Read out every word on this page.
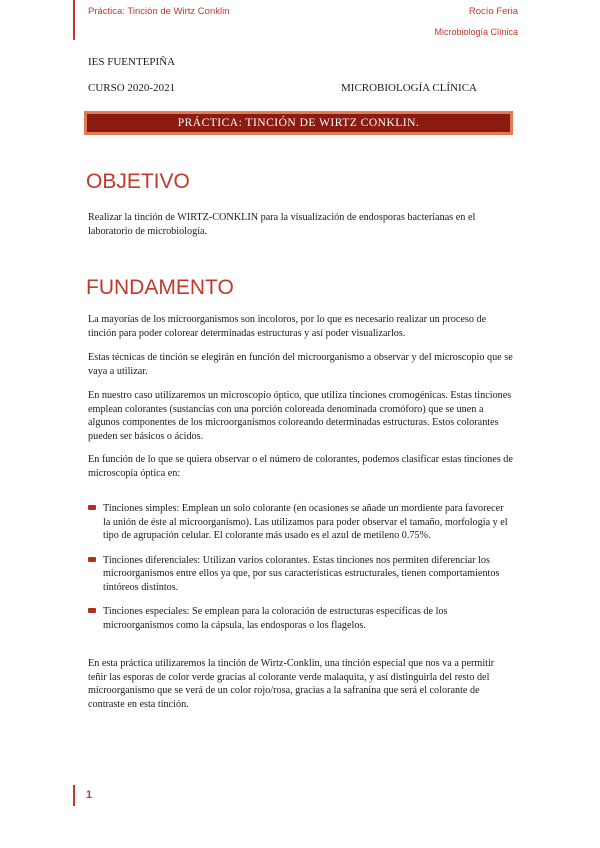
Práctica: Tinción de Wirtz Conklin	Rocío Feria
Microbiología Clínica
IES FUENTEPIÑA
CURSO 2020-2021	MICROBIOLOGÍA CLÍNICA
PRÁCTICA: TINCIÓN DE WIRTZ CONKLIN.
OBJETIVO

Realizar la tinción de WIRTZ-CONKLIN para la visualización de endosporas bacterianas en el laboratorio de microbiología.

FUNDAMENTO

La mayorías de los microorganismos son incoloros, por lo que es necesario realizar un proceso de tinción para poder colorear determinadas estructuras y así poder visualizarlos.

Estas técnicas de tinción se elegirán en función del microorganismo a observar y del microscopio que se vaya a utilizar.

En nuestro caso utilizaremos un microscopio óptico, que utiliza tinciones cromogénicas. Estas tinciones emplean colorantes (sustancias con una porción coloreada denominada cromóforo) que se unen a algunos componentes de los microorganismos coloreando determinadas estructuras. Estos colorantes pueden ser básicos o ácidos.

En función de lo que se quiera observar o el número de colorantes, podemos clasificar estas tinciones de microscopía óptica en:

Tinciones simples: Emplean un solo colorante (en ocasiones se añade un mordiente para favorecer la unión de éste al microorganismo). Las utilizamos para poder observar el tamaño, morfología y el tipo de agrupación celular. El colorante más usado es el azul de metileno 0.75%.
Tinciones diferenciales: Utilizan varios colorantes. Estas tinciones nos permiten diferenciar los microorganismos entre ellos ya que, por sus características estructurales, tienen comportamientos tintóreos distintos.
Tinciones especiales: Se emplean para la coloración de estructuras específicas de los microorganismos como la cápsula, las endosporas o los flagelos.

En esta práctica utilizaremos la tinción de Wirtz-Conklin, una tinción especial que nos va a permitir teñir las esporas de color verde gracias al colorante verde malaquita, y así distinguirla del resto del microorganismo que se verá de un color rojo/rosa, gracias a la safranina que será el colorante de contraste en esta tinción.

1
